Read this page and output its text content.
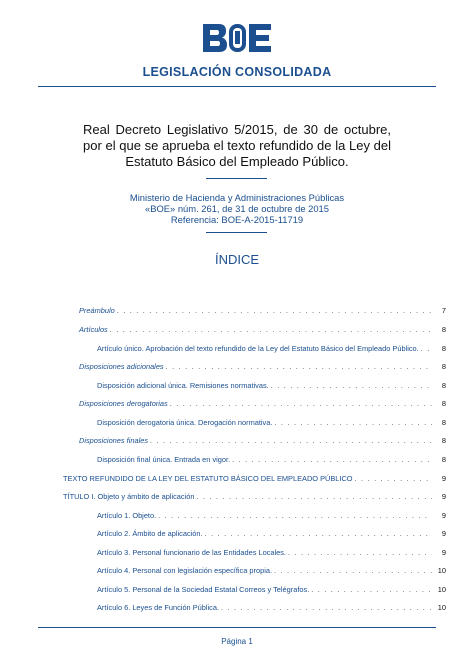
LEGISLACIÓN CONSOLIDADA
Real Decreto Legislativo 5/2015, de 30 de octubre, por el que se aprueba el texto refundido de la Ley del Estatuto Básico del Empleado Público.
Ministerio de Hacienda y Administraciones Públicas
«BOE» núm. 261, de 31 de octubre de 2015
Referencia: BOE-A-2015-11719
ÍNDICE
Preámbulo . . .	7
Artículos . . .	8
Artículo único. Aprobación del texto refundido de la Ley del Estatuto Básico del Empleado Público. . . .	8
Disposiciones adicionales . . .	8
Disposición adicional única. Remisiones normativas. . . .	8
Disposiciones derogatorias . . .	8
Disposición derogatoria única. Derogación normativa. . . .	8
Disposiciones finales . . .	8
Disposición final única. Entrada en vigor. . . .	8
TEXTO REFUNDIDO DE LA LEY DEL ESTATUTO BÁSICO DEL EMPLEADO PÚBLICO . . .	9
TÍTULO I. Objeto y ámbito de aplicación . . .	9
Artículo 1. Objeto. . . .	9
Artículo 2. Ámbito de aplicación. . . .	9
Artículo 3. Personal funcionario de las Entidades Locales. . . .	9
Artículo 4. Personal con legislación específica propia. . . .	10
Artículo 5. Personal de la Sociedad Estatal Correos y Telégrafos. . . .	10
Artículo 6. Leyes de Función Pública. . . .	10
Página 1
